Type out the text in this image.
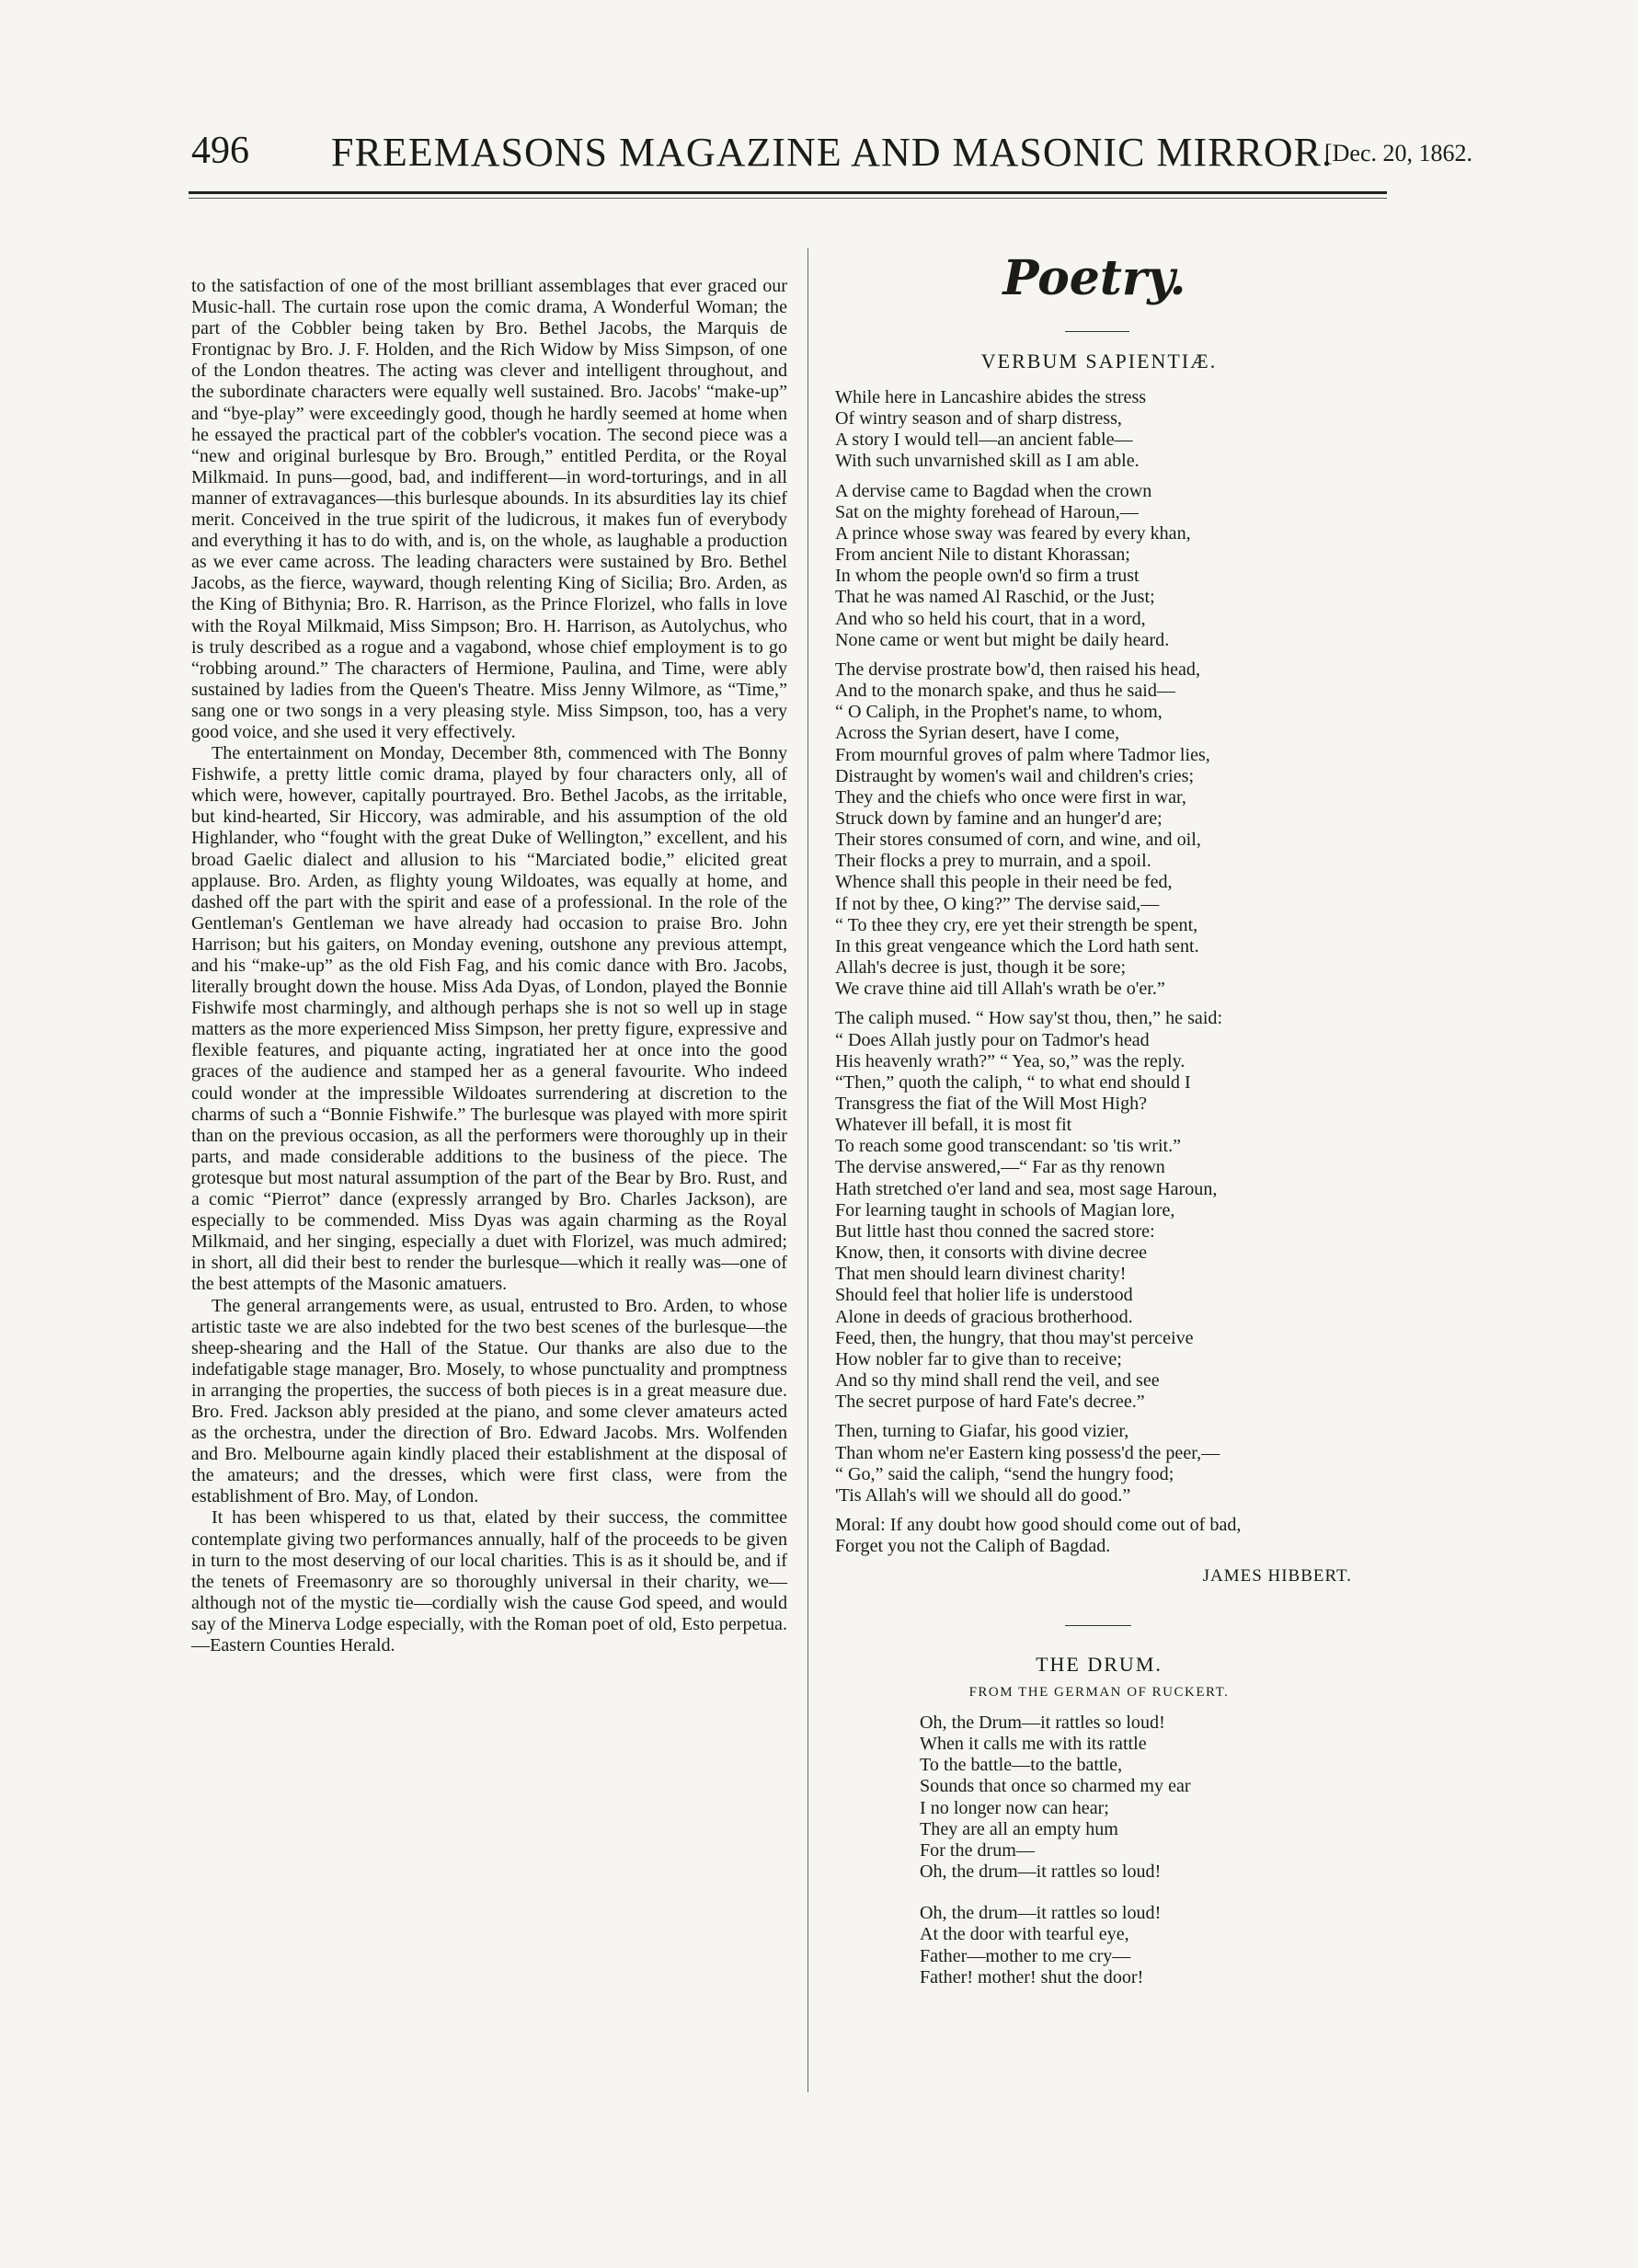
496 FREEMASONS MAGAZINE AND MASONIC MIRROR.
[Dec. 20, 1862.

to the satisfaction of one of the most brilliant assemblages that ever graced our Music-hall. The curtain rose upon the comic drama, A Wonderful Woman; the part of the Cobbler being taken by Bro. Bethel Jacobs, the Marquis de Frontignac by Bro. J. F. Holden, and the Rich Widow by Miss Simpson, of one of the London theatres. The acting was clever and intelligent throughout, and the subordinate characters were equally well sustained. Bro. Jacobs' “make-up” and “bye-play” were exceedingly good, though he hardly seemed at home when he essayed the practical part of the cobbler's vocation. The second piece was a “new and original burlesque by Bro. Brough,” entitled Perdita, or the Royal Milkmaid. In puns—good, bad, and indifferent—in word-torturings, and in all manner of extravagances—this burlesque abounds. In its absurdities lay its chief merit. Conceived in the true spirit of the ludicrous, it makes fun of everybody and everything it has to do with, and is, on the whole, as laughable a production as we ever came across. The leading characters were sustained by Bro. Bethel Jacobs, as the fierce, wayward, though relenting King of Sicilia; Bro. Arden, as the King of Bithynia; Bro. R. Harrison, as the Prince Florizel, who falls in love with the Royal Milkmaid, Miss Simpson; Bro. H. Harrison, as Autolychus, who is truly described as a rogue and a vagabond, whose chief employment is to go “robbing around.” The characters of Hermione, Paulina, and Time, were ably sustained by ladies from the Queen's Theatre. Miss Jenny Wilmore, as “Time,” sang one or two songs in a very pleasing style. Miss Simpson, too, has a very good voice, and she used it very effectively.

The entertainment on Monday, December 8th, commenced with The Bonny Fishwife, a pretty little comic drama, played by four characters only, all of which were, however, capitally pourtrayed. Bro. Bethel Jacobs, as the irritable, but kind-hearted, Sir Hiccory, was admirable, and his assumption of the old Highlander, who “fought with the great Duke of Wellington,” excellent, and his broad Gaelic dialect and allusion to his “Marciated bodie,” elicited great applause. Bro. Arden, as flighty young Wildoates, was equally at home, and dashed off the part with the spirit and ease of a professional. In the role of the Gentleman's Gentleman we have already had occasion to praise Bro. John Harrison; but his gaiters, on Monday evening, outshone any previous attempt, and his “make-up” as the old Fish Fag, and his comic dance with Bro. Jacobs, literally brought down the house. Miss Ada Dyas, of London, played the Bonnie Fishwife most charmingly, and although perhaps she is not so well up in stage matters as the more experienced Miss Simpson, her pretty figure, expressive and flexible features, and piquante acting, ingratiated her at once into the good graces of the audience and stamped her as a general favourite. Who indeed could wonder at the impressible Wildoates surrendering at discretion to the charms of such a “Bonnie Fishwife.” The burlesque was played with more spirit than on the previous occasion, as all the performers were thoroughly up in their parts, and made considerable additions to the business of the piece. The grotesque but most natural assumption of the part of the Bear by Bro. Rust, and a comic “Pierrot” dance (expressly arranged by Bro. Charles Jackson), are especially to be commended. Miss Dyas was again charming as the Royal Milkmaid, and her singing, especially a duet with Florizel, was much admired; in short, all did their best to render the burlesque—which it really was—one of the best attempts of the Masonic amatuers.

The general arrangements were, as usual, entrusted to Bro. Arden, to whose artistic taste we are also indebted for the two best scenes of the burlesque—the sheep-shearing and the Hall of the Statue. Our thanks are also due to the indefatigable stage manager, Bro. Mosely, to whose punctuality and promptness in arranging the properties, the success of both pieces is in a great measure due. Bro. Fred. Jackson ably presided at the piano, and some clever amateurs acted as the orchestra, under the direction of Bro. Edward Jacobs. Mrs. Wolfenden and Bro. Melbourne again kindly placed their establishment at the disposal of the amateurs; and the dresses, which were first class, were from the establishment of Bro. May, of London.

It has been whispered to us that, elated by their success, the committee contemplate giving two performances annually, half of the proceeds to be given in turn to the most deserving of our local charities. This is as it should be, and if the tenets of Freemasonry are so thoroughly universal in their charity, we—although not of the mystic tie—cordially wish the cause God speed, and would say of the Minerva Lodge especially, with the Roman poet of old, Esto perpetua.—Eastern Counties Herald.

Poetry.
VERBUM SAPIENTIÆ.
While here in Lancashire abides the stress
Of wintry season and of sharp distress,
A story I would tell—an ancient fable—
With such unvarnished skill as I am able.
A dervise came to Bagdad when the crown
Sat on the mighty forehead of Haroun,—
A prince whose sway was feared by every khan,
From ancient Nile to distant Khorassan;
In whom the people own'd so firm a trust
That he was named Al Raschid, or the Just;
And who so held his court, that in a word,
None came or went but might be daily heard.
The dervise prostrate bow'd, then raised his head,
And to the monarch spake, and thus he said—
“ O Caliph, in the Prophet's name, to whom,
Across the Syrian desert, have I come,
From mournful groves of palm where Tadmor lies,
Distraught by women's wail and children's cries;
They and the chiefs who once were first in war,
Struck down by famine and an hunger'd are;
Their stores consumed of corn, and wine, and oil,
Their flocks a prey to murrain, and a spoil.
Whence shall this people in their need be fed,
If not by thee, O king?” The dervise said,—
“ To thee they cry, ere yet their strength be spent,
In this great vengeance which the Lord hath sent.
Allah's decree is just, though it be sore;
We crave thine aid till Allah's wrath be o'er.”
The caliph mused. “ How say'st thou, then,” he said:
“ Does Allah justly pour on Tadmor's head
His heavenly wrath?” “ Yea, so,” was the reply.
“Then,” quoth the caliph, “ to what end should I
Transgress the fiat of the Will Most High?
Whatever ill befall, it is most fit
To reach some good transcendant: so 'tis writ.”
The dervise answered,—“ Far as thy renown
Hath stretched o'er land and sea, most sage Haroun,
For learning taught in schools of Magian lore,
But little hast thou conned the sacred store:
Know, then, it consorts with divine decree
That men should learn divinest charity!
Should feel that holier life is understood
Alone in deeds of gracious brotherhood.
Feed, then, the hungry, that thou may'st perceive
How nobler far to give than to receive;
And so thy mind shall rend the veil, and see
The secret purpose of hard Fate's decree.”
Then, turning to Giafar, his good vizier,
Than whom ne'er Eastern king possess'd the peer,—
“ Go,” said the caliph, “send the hungry food;
'Tis Allah's will we should all do good.”
Moral: If any doubt how good should come out of bad,
Forget you not the Caliph of Bagdad.
JAMES HIBBERT.
THE DRUM.
FROM THE GERMAN OF RUCKERT.
Oh, the Drum—it rattles so loud!
When it calls me with its rattle
To the battle—to the battle,
Sounds that once so charmed my ear
I no longer now can hear;
They are all an empty hum
For the drum—
Oh, the drum—it rattles so loud!
Oh, the drum—it rattles so loud!
At the door with tearful eye,
Father—mother to me cry—
Father! mother! shut the door!
